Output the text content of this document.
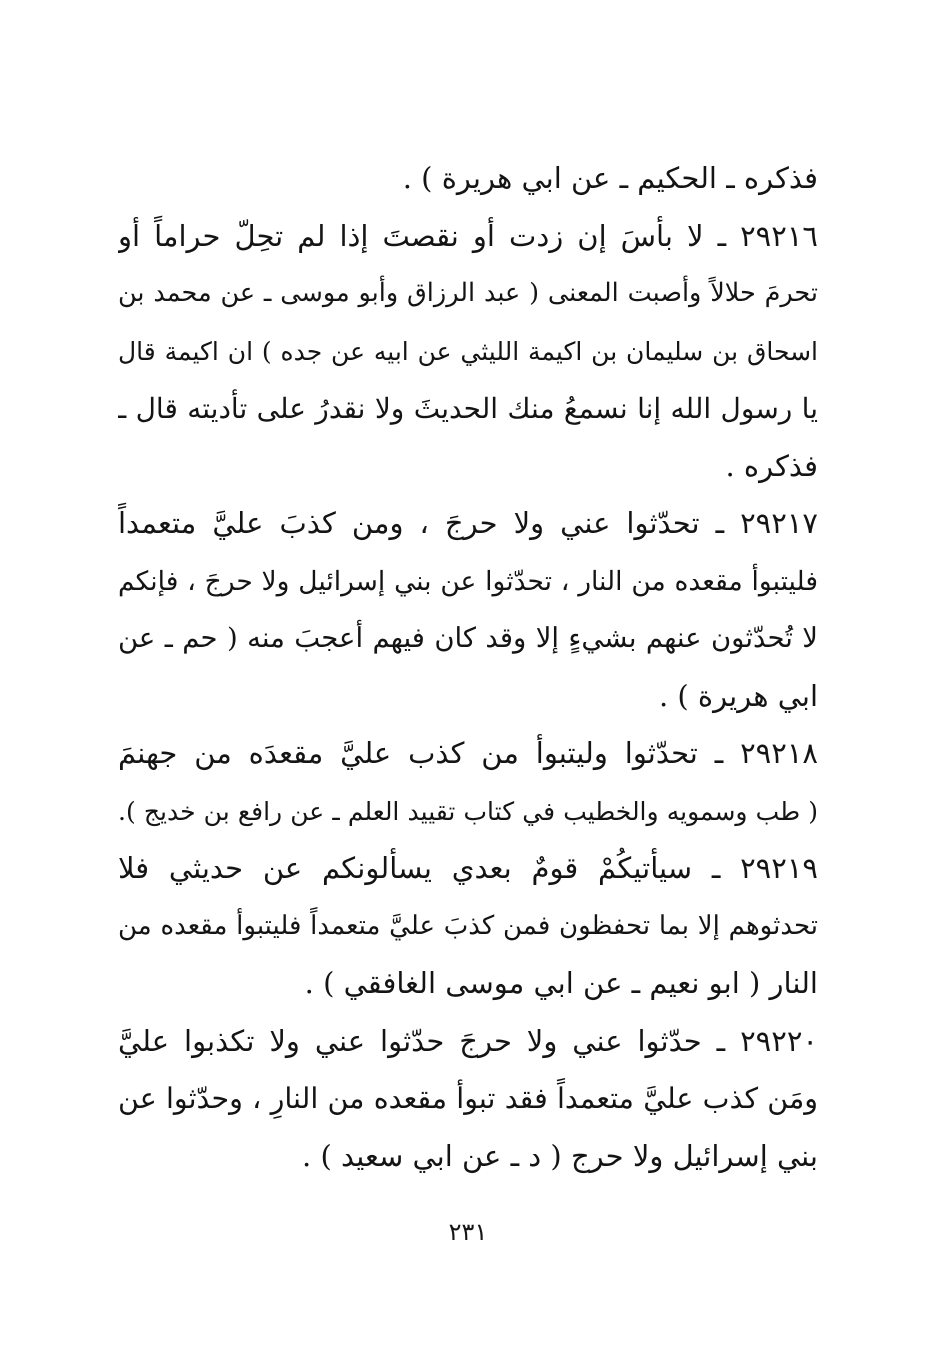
فذكره ـ الحكيم ـ عن ابي هريرة ) .
٢٩٢١٦ ـ لا بأسَ إن زدت أو نقصتَ إذا لم تحِلّ حراماً أو
تحرمَ حلالاً وأصبت المعنى ( عبد الرزاق وأبو موسى ـ عن محمد بن
اسحاق بن سليمان بن اكيمة الليثي عن ابيه عن جده ) ان اكيمة قال
يا رسول الله إنا نسمعُ منك الحديثَ ولا نقدرُ على تأديته قال ـ
فذكره .
٢٩٢١٧ ـ تحدّثوا عني ولا حرجَ ، ومن كذبَ عليَّ متعمداً
فليتبوأ مقعده من النار ، تحدّثوا عن بني إسرائيل ولا حرجَ ، فإنكم
لا تُحدّثون عنهم بشيءٍ إلا وقد كان فيهم أعجبَ منه ( حم ـ عن
ابي هريرة ) .
٢٩٢١٨ ـ تحدّثوا وليتبوأ من كذب عليَّ مقعدَه من جهنمَ
( طب وسمويه والخطيب في كتاب تقييد العلم ـ عن رافع بن خديج ).
٢٩٢١٩ ـ سيأتيكُمْ قومٌ بعدي يسألونكم عن حديثي فلا
تحدثوهم إلا بما تحفظون فمن كذبَ عليَّ متعمداً فليتبوأ مقعده من
النار ( ابو نعيم ـ عن ابي موسى الغافقي ) .
٢٩٢٢٠ ـ حدّثوا عني ولا حرجَ حدّثوا عني ولا تكذبوا عليَّ
ومَن كذب عليَّ متعمداً فقد تبوأ مقعده من النارِ ، وحدّثوا عن
بني إسرائيل ولا حرج ( د ـ عن ابي سعيد ) .
٢٣١
